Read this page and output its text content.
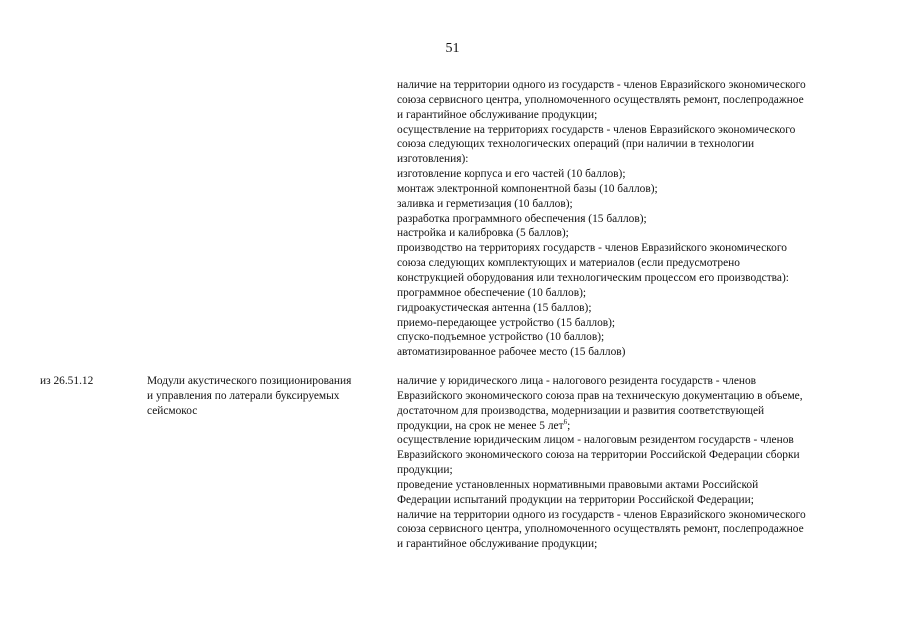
51
наличие на территории одного из государств - членов Евразийского экономического
союза сервисного центра, уполномоченного осуществлять ремонт, послепродажное
и гарантийное обслуживание продукции;
осуществление на территориях государств - членов Евразийского экономического
союза следующих технологических операций (при наличии в технологии
изготовления):
изготовление корпуса и его частей (10 баллов);
монтаж электронной компонентной базы (10 баллов);
заливка и герметизация (10 баллов);
разработка программного обеспечения (15 баллов);
настройка и калибровка (5 баллов);
производство на территориях государств - членов Евразийского экономического
союза следующих комплектующих и материалов (если предусмотрено
конструкцией оборудования или технологическим процессом его производства):
программное обеспечение (10 баллов);
гидроакустическая антенна (15 баллов);
приемо-передающее устройство (15 баллов);
спуско-подъемное устройство (10 баллов);
автоматизированное рабочее место (15 баллов)
из 26.51.12	Модули акустического позиционирования
и управления по латерали буксируемых
сейсмокос
наличие у юридического лица - налогового резидента государств - членов
Евразийского экономического союза прав на техническую документацию в объеме,
достаточном для производства, модернизации и развития соответствующей
продукции, на срок не менее 5 лет$^6$;
осуществление юридическим лицом - налоговым резидентом государств - членов
Евразийского экономического союза на территории Российской Федерации сборки
продукции;
проведение установленных нормативными правовыми актами Российской
Федерации испытаний продукции на территории Российской Федерации;
наличие на территории одного из государств - членов Евразийского экономического
союза сервисного центра, уполномоченного осуществлять ремонт, послепродажное
и гарантийное обслуживание продукции;
